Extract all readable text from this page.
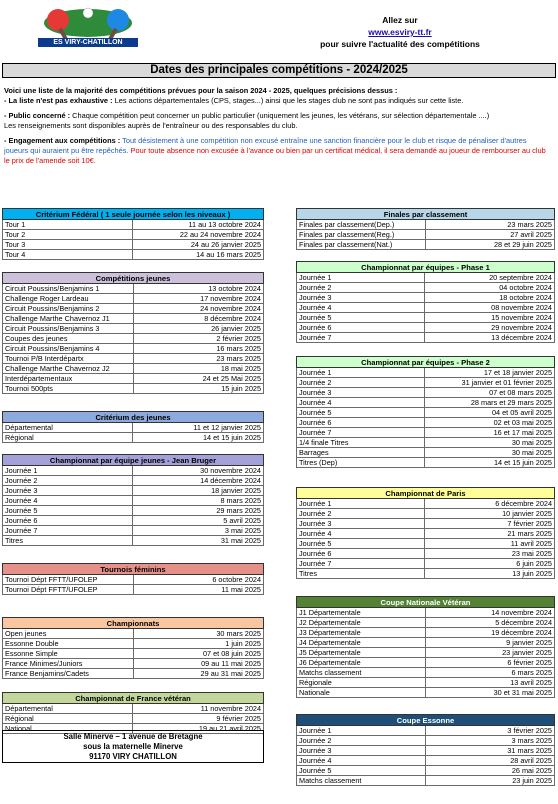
ES VIRY-CHATILLON
Allez sur
www.esviry-tt.fr
pour suivre l'actualité des compétitions
Dates des principales compétitions - 2024/2025

Voici une liste de la majorité des compétitions prévues pour la saison 2024 - 2025, quelques précisions dessus :

- La liste n'est pas exhaustive : Les actions départementales (CPS, stages...) ainsi que les stages club ne sont pas indiqués sur cette liste.

- Public concerné : Chaque compétition peut concerner un public particulier (uniquement les jeunes, les vétérans, sur sélection départementale ....)

Les renseignements sont disponibles auprès de l'entraîneur ou des responsables du club.

- Engagement aux compétitions : Tout désistement à une compétition non excusé entraîne une sanction financière pour le club et risque de pénaliser d'autres joueurs qui auraient pu être repêchés. Pour toute absence non excusée à l'avance ou bien par un certificat médical, il sera demandé au joueur de rembourser au club le prix de l'amende soit 10€.

Critérium Fédéral ( 1 seule journée selon les niveaux )	
Tour 1	11 au 13 octobre 2024
Tour 2	22 au 24 novembre 2024
Tour 3	24 au 26 janvier 2025
Tour 4	14 au 16 mars 2025
Compétitions jeunes	
Circuit Poussins/Benjamins 1	13 octobre 2024
Challenge Roger Lardeau	17 novembre 2024
Circuit Poussins/Benjamins 2	24 novembre 2024
Challenge Marthe Chavernoz J1	8 décembre 2024
Circuit Poussins/Benjamins 3	26 janvier 2025
Coupes des jeunes	2 février 2025
Circuit Poussins/Benjamins 4	16 mars 2025
Tournoi P/B Interdépartx	23 mars 2025
Challenge Marthe Chavernoz J2	18 mai 2025
Interdépartementaux	24 et 25 Mai 2025
Tournoi 500pts	15 juin 2025
Critérium des jeunes	
Départemental	11 et 12 janvier 2025
Régional	14 et 15 juin 2025
Championnat par équipe jeunes - Jean Bruger	
Journée 1	30 novembre 2024
Journée 2	14 décembre 2024
Journée 3	18 janvier 2025
Journée 4	8 mars 2025
Journée 5	29 mars 2025
Journée 6	5 avril 2025
Journée 7	3 mai 2025
Titres	31 mai 2025
Tournois féminins	
Tournoi Dépt FFTT/UFOLEP	6 octobre 2024
Tournoi Dépt FFTT/UFOLEP	11 mai 2025
Championnats	
Open jeunes	30 mars 2025
Essonne Double	1 juin 2025
Essonne Simple	07 et 08 juin 2025
France Minimes/Juniors	09 au 11 mai 2025
France Benjamins/Cadets	29 au 31 mai 2025
Championnat de France vétéran	
Départemental	11 novembre 2024
Régional	9 février 2025
National	19 au 21 avril 2025
Salle Minerve – 1 avenue de Bretagne
sous la maternelle Minerve
91170 VIRY CHATILLON
Finales par classement	
Finales par classement(Dep.)	23 mars 2025
Finales par classement(Reg.)	27 avril 2025
Finales par classement(Nat.)	28 et 29 juin 2025
Championnat par équipes - Phase 1	
Journée 1	20 septembre 2024
Journée 2	04 octobre 2024
Journée 3	18 octobre 2024
Journée 4	08 novembre 2024
Journée 5	15 novembre 2024
Journée 6	29 novembre 2024
Journée 7	13 décembre 2024
Championnat par équipes - Phase 2	
Journée 1	17 et 18 janvier 2025
Journée 2	31 janvier et 01 février 2025
Journée 3	07 et 08 mars 2025
Journée 4	28 mars et 29 mars 2025
Journée 5	04 et 05 avril 2025
Journée 6	02 et 03 mai 2025
Journée 7	16 et 17 mai 2025
1/4 finale Titres	30 mai 2025
Barrages	30 mai 2025
Titres (Dep)	14 et 15 juin 2025
Championnat de Paris	
Journée 1	6 décembre 2024
Journée 2	10 janvier 2025
Journée 3	7 février 2025
Journée 4	21 mars 2025
Journée 5	11 avril 2025
Journée 6	23 mai 2025
Journée 7	6 juin 2025
Titres	13 juin 2025
Coupe Nationale Vétéran	
J1 Départementale	14 novembre 2024
J2 Départementale	5 décembre 2024
J3 Départementale	19 décembre 2024
J4 Départementale	9 janvier 2025
J5 Départementale	23 janvier 2025
J6 Départementale	6 février 2025
Matchs classement	6 mars 2025
Régionale	13 avril 2025
Nationale	30 et 31 mai 2025
Coupe Essonne	
Journée 1	3 février 2025
Journée 2	3 mars 2025
Journée 3	31 mars 2025
Journée 4	28 avril 2025
Journée 5	26 mai 2025
Matchs classement	23 juin 2025
